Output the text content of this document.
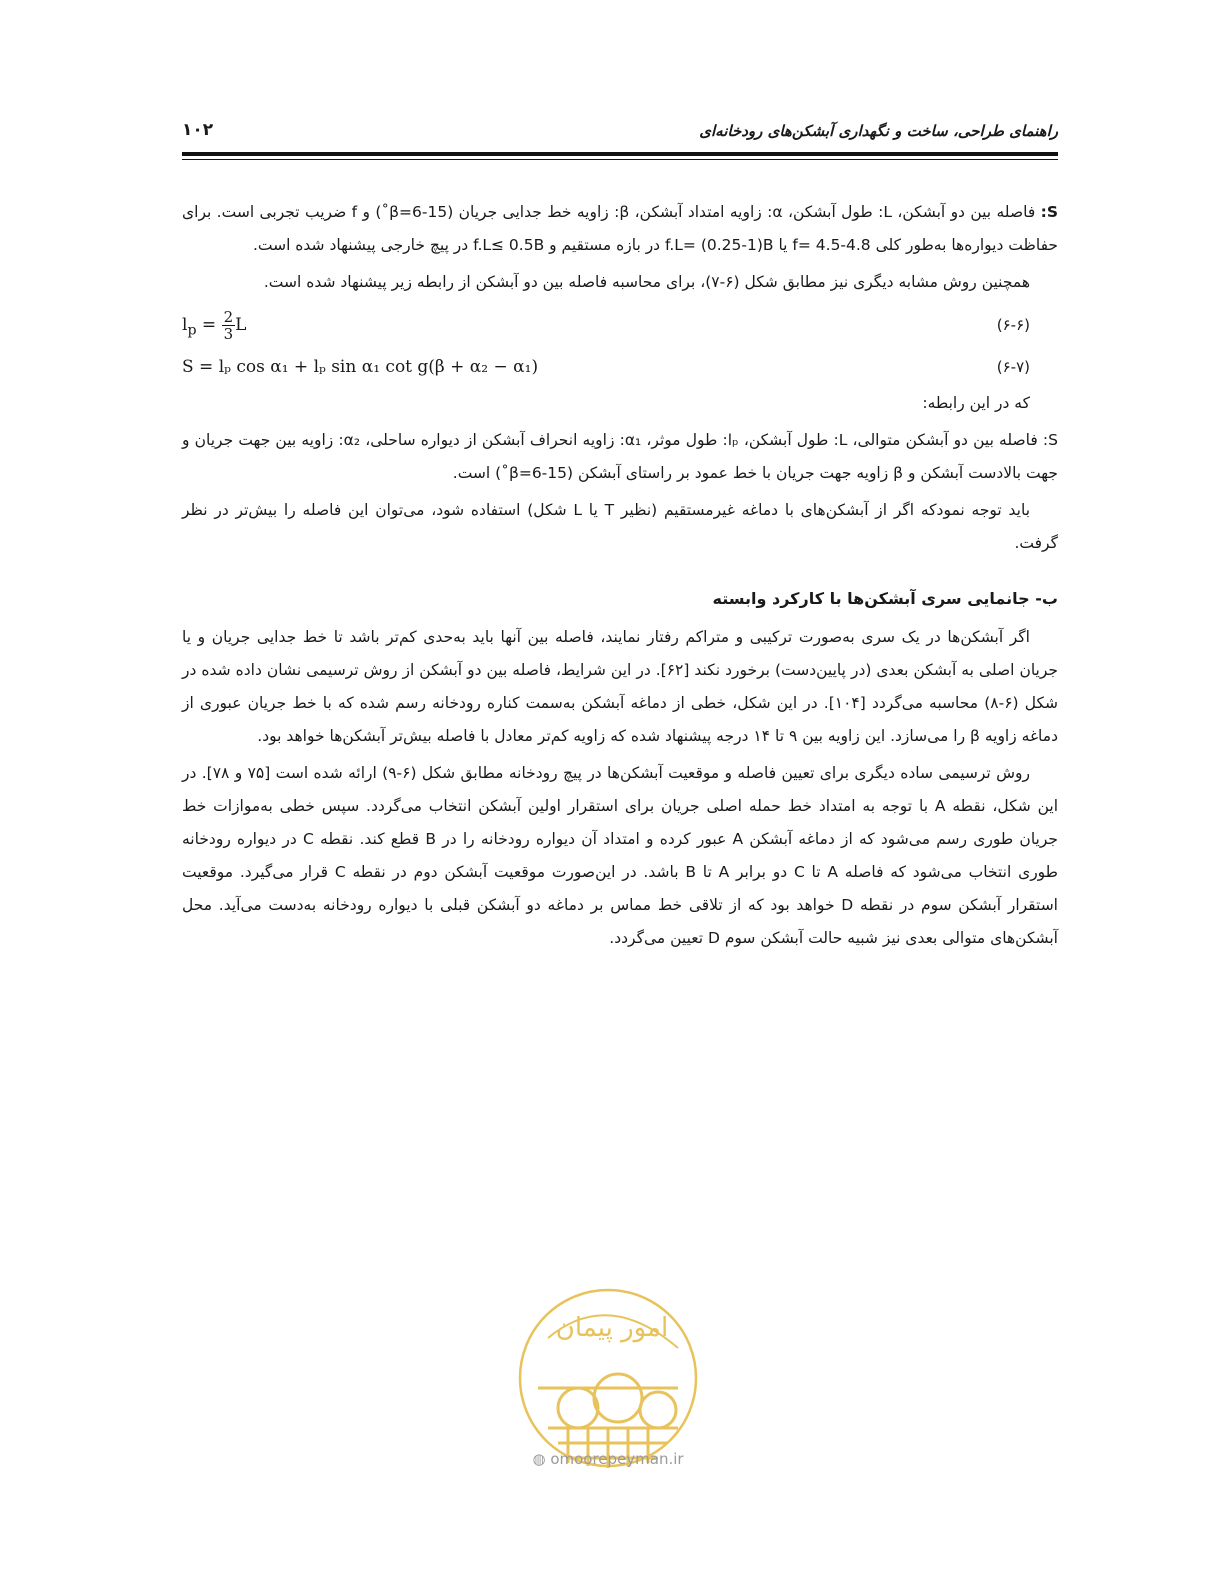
راهنمای طراحی، ساخت و نگهداری آبشکن‌های رودخانه‌ای
۱۰۲

S: فاصله بین دو آبشکن، L: طول آبشکن، α: زاویه امتداد آبشکن، β: زاویه خط جدایی جریان (β=6-15˚) و f ضریب تجربی است. برای حفاظت دیواره‌ها به‌طور کلی f= 4.5-4.8 یا f.L= (0.25-1)B در بازه مستقیم و f.L≤ 0.5B در پیچ خارجی پیشنهاد شده است.

همچنین روش مشابه دیگری نیز مطابق شکل (۶-۷)، برای محاسبه فاصله بین دو آبشکن از رابطه زیر پیشنهاد شده است.

$l_p = \frac{2}{3}$ L	(۶-۶)
S = lₚ cos α₁ + lₚ sin α₁ cot g(β + α₂ − α₁)	(۶-۷)

که در این رابطه:

S: فاصله بین دو آبشکن متوالی، L: طول آبشکن، lₚ: طول موثر، α₁: زاویه انحراف آبشکن از دیواره ساحلی، α₂: زاویه بین جهت جریان و جهت بالادست آبشکن و β زاویه جهت جریان با خط عمود بر راستای آبشکن (β=6-15˚) است.

باید توجه نمودکه اگر از آبشکن‌های با دماغه غیرمستقیم (نظیر T یا L شکل) استفاده شود، می‌توان این فاصله را بیش‌تر در نظر گرفت.

ب- جانمایی سری آبشکن‌ها با کارکرد وابسته

اگر آبشکن‌ها در یک سری به‌صورت ترکیبی و متراکم رفتار نمایند، فاصله بین آنها باید به‌حدی کم‌تر باشد تا خط جدایی جریان و یا جریان اصلی به آبشکن بعدی (در پایین‌دست) برخورد نکند [۶۲]. در این شرایط، فاصله بین دو آبشکن از روش ترسیمی نشان داده شده در شکل (۶-۸) محاسبه می‌گردد [۱۰۴]. در این شکل، خطی از دماغه آبشکن به‌سمت کناره رودخانه رسم شده که با خط جریان عبوری از دماغه زاویه β را می‌سازد. این زاویه بین ۹ تا ۱۴ درجه پیشنهاد شده که زاویه کم‌تر معادل با فاصله بیش‌تر آبشکن‌ها خواهد بود.

روش ترسیمی ساده دیگری برای تعیین فاصله و موقعیت آبشکن‌ها در پیچ رودخانه مطابق شکل (۶-۹) ارائه شده است [۷۵ و ۷۸]. در این شکل، نقطه A با توجه به امتداد خط حمله اصلی جریان برای استقرار اولین آبشکن انتخاب می‌گردد. سپس خطی به‌موازات خط جریان طوری رسم می‌شود که از دماغه آبشکن A عبور کرده و امتداد آن دیواره رودخانه را در B قطع کند. نقطه C در دیواره رودخانه طوری انتخاب می‌شود که فاصله A تا C دو برابر A تا B باشد. در این‌صورت موقعیت آبشکن دوم در نقطه C قرار می‌گیرد. موقعیت استقرار آبشکن سوم در نقطه D خواهد بود که از تلاقی خط مماس بر دماغه دو آبشکن قبلی با دیواره رودخانه به‌دست می‌آید. محل آبشکن‌های متوالی بعدی نیز شبیه حالت آبشکن سوم D تعیین می‌گردد.

امور پیمان
◍ omoorepeyman.ir
